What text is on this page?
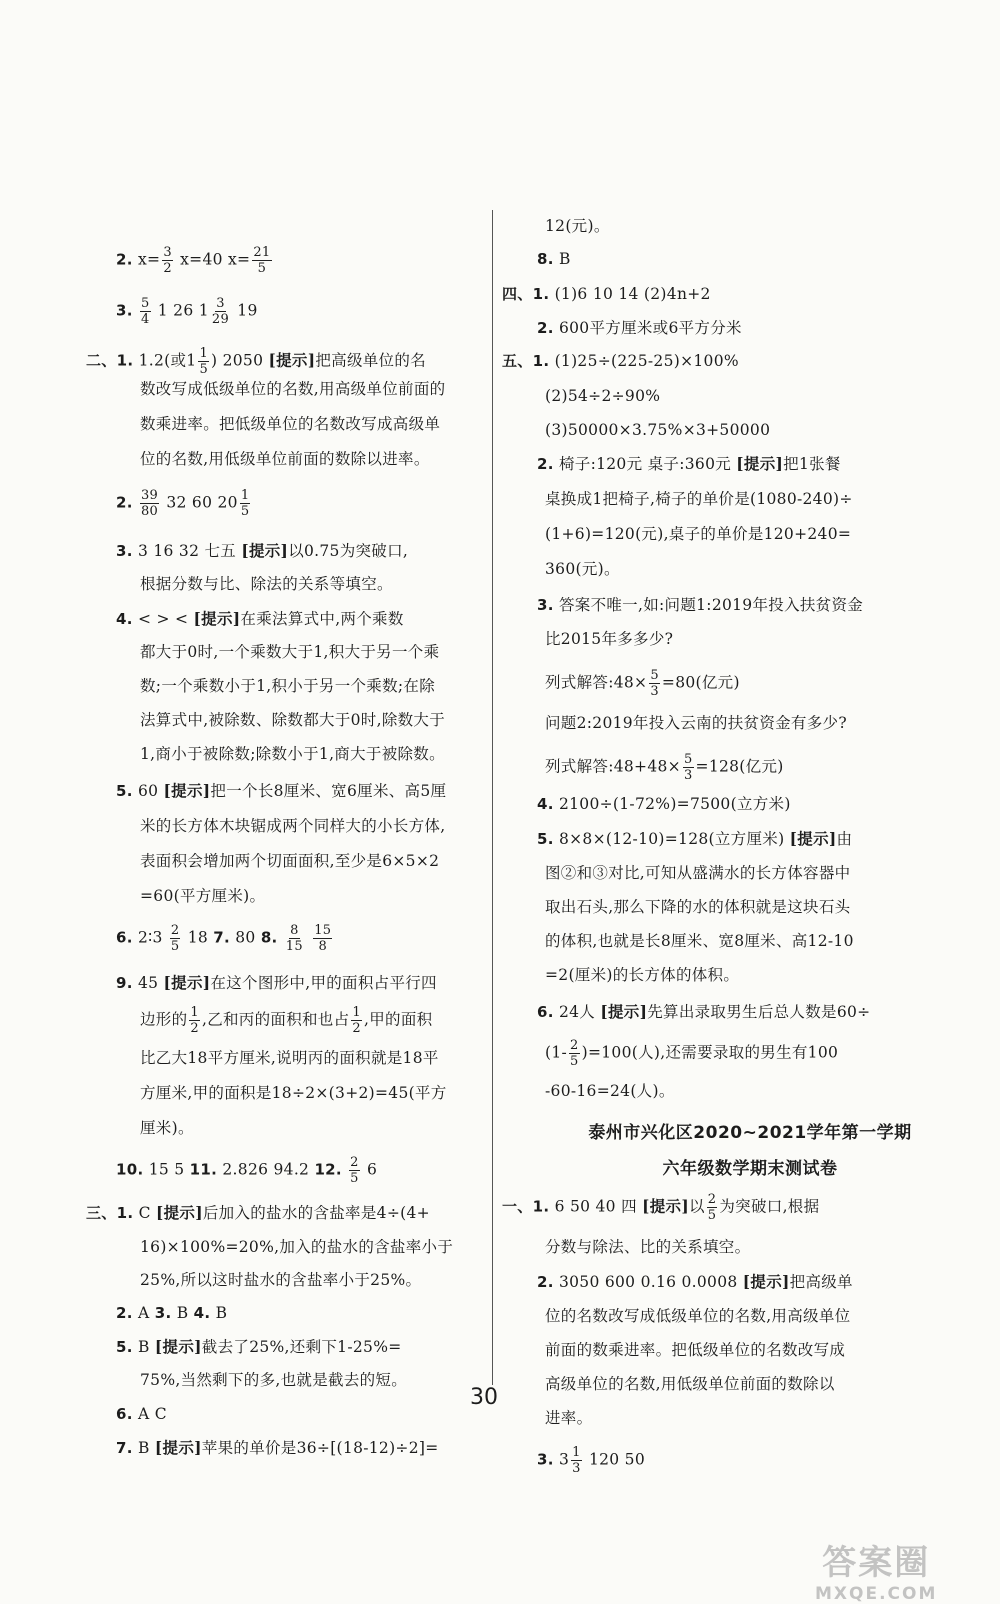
2. $x= \frac{3}{2} x=40$ $x= \frac{21}{5}$
3. $\frac{5}{4} 1$ 26 $1 \frac{3}{29} 19$
二、1. 1.2(或$1 \frac{1}{5}$ ) 2050 [提示]把高级单位的名
数改写成低级单位的名数,用高级单位前面的
数乘进率。把低级单位的名数改写成高级单
位的名数,用低级单位前面的数除以进率。
2. $\frac{39}{80} 32$ 60 $20 \frac{1}{5}$
3. 3 16 32 七五 [提示]以0.75为突破口,
根据分数与比、除法的关系等填空。
4. < > < [提示]在乘法算式中,两个乘数
都大于0时,一个乘数大于1,积大于另一个乘
数;一个乘数小于1,积小于另一个乘数;在除
法算式中,被除数、除数都大于0时,除数大于
1,商小于被除数;除数小于1,商大于被除数。
5. 60 [提示]把一个长8厘米、宽6厘米、高5厘
米的长方体木块锯成两个同样大的小长方体,
表面积会增加两个切面面积,至少是6×5×2
=60(平方厘米)。
6. 2∶3 $\frac{2}{5} 18$ 7. 80 8. $\frac{8}{15}$
$\frac{15}{8}$
9. 45 [提示]在这个图形中,甲的面积占平行四
边形的 $\frac{1}{2}$ ,乙和丙的面积和也占 $\frac{1}{2}$ ,甲的面积
比乙大18平方厘米,说明丙的面积就是18平
方厘米,甲的面积是18÷2×(3+2)=45(平方
厘米)。
10. 15 5 11. 2.826 94.2 12. $\frac{2}{5} 6$
三、1. C [提示]后加入的盐水的含盐率是4÷(4+
16)×100%=20%,加入的盐水的含盐率小于
25%,所以这时盐水的含盐率小于25%。
2. A 3. B 4. B
5. B [提示]截去了25%,还剩下1-25%=
75%,当然剩下的多,也就是截去的短。
6. A C
7. B [提示]苹果的单价是36÷[(18-12)÷2]=
12(元)。
8. B
四、1. (1)6 10 14 (2)4n+2
2. 600平方厘米或6平方分米
五、1. (1)25÷(225-25)×100%
(2)54÷2÷90%
(3)50000×3.75%×3+50000
2. 椅子:120元 桌子:360元 [提示]把1张餐
桌换成1把椅子,椅子的单价是(1080-240)÷
(1+6)=120(元),桌子的单价是120+240=
360(元)。
3. 答案不唯一,如:问题1:2019年投入扶贫资金
比2015年多多少?
列式解答:48× $\frac{5}{3} =80$(亿元)
问题2:2019年投入云南的扶贫资金有多少?
列式解答:48+48× $\frac{5}{3} =128$(亿元)
4. 2100÷(1-72%)=7500(立方米)
5. 8×8×(12-10)=128(立方厘米) [提示]由
图②和③对比,可知从盛满水的长方体容器中
取出石头,那么下降的水的体积就是这块石头
的体积,也就是长8厘米、宽8厘米、高12-10
=2(厘米)的长方体的体积。
6. 24人 [提示]先算出录取男生后总人数是60÷
$(1- \frac{2}{5} )=100$(人),还需要录取的男生有100
-60-16=24(人)。
泰州市兴化区2020~2021学年第一学期
六年级数学期末测试卷
一、1. 6 50 40 四 [提示]以 $\frac{2}{5}$ 为突破口,根据
分数与除法、比的关系填空。
2. 3050 600 0.16 0.0008 [提示]把高级单
位的名数改写成低级单位的名数,用高级单位
前面的数乘进率。把低级单位的名数改写成
高级单位的名数,用低级单位前面的数除以
进率。
3. $3 \frac{1}{3} 120$ 50
30
答案圈
MXQE.COM
